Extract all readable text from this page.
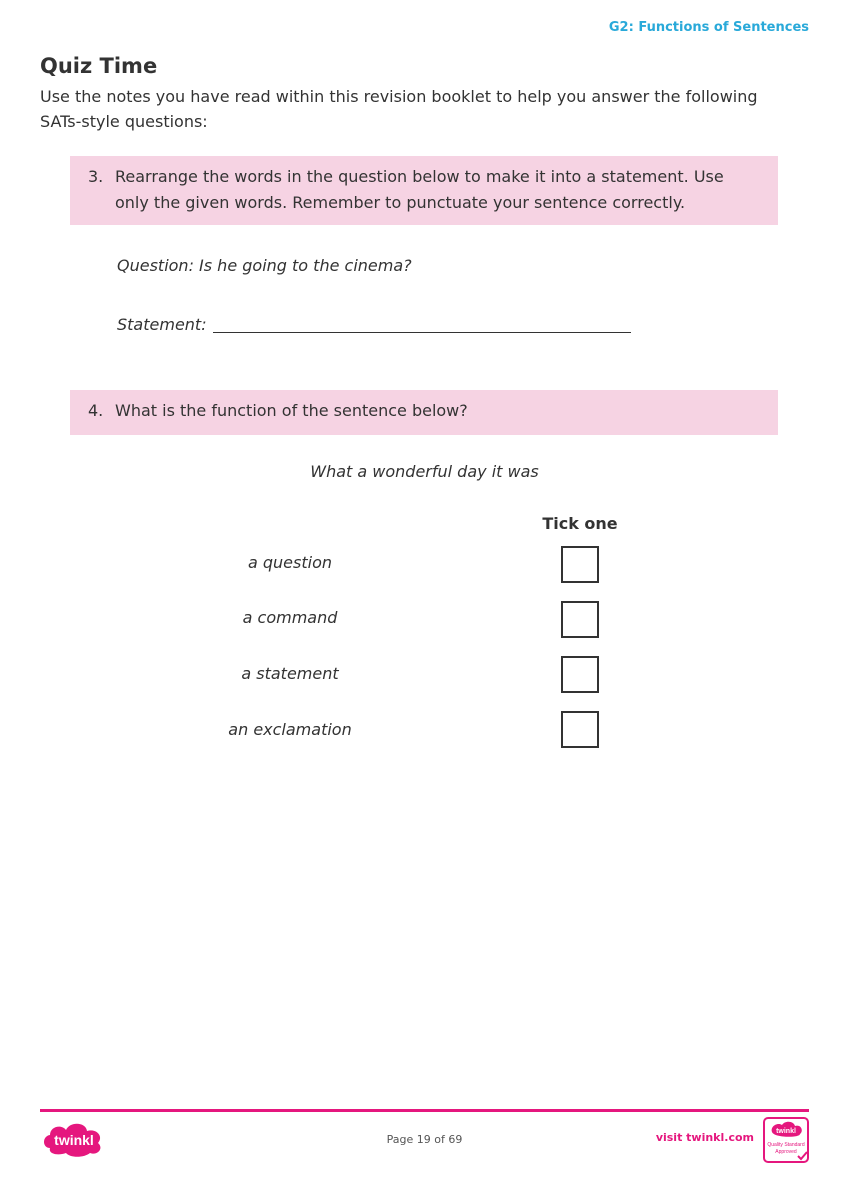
G2: Functions of Sentences
Quiz Time
Use the notes you have read within this revision booklet to help you answer the following SATs-style questions:
3. Rearrange the words in the question below to make it into a statement. Use only the given words. Remember to punctuate your sentence correctly.
Question: Is he going to the cinema?
Statement:
4. What is the function of the sentence below?
What a wonderful day it was
Tick one
a question
a command
a statement
an exclamation
twinkl	Page 19 of 69	visit twinkl.com	twinkl
Quality Standard
Approved
